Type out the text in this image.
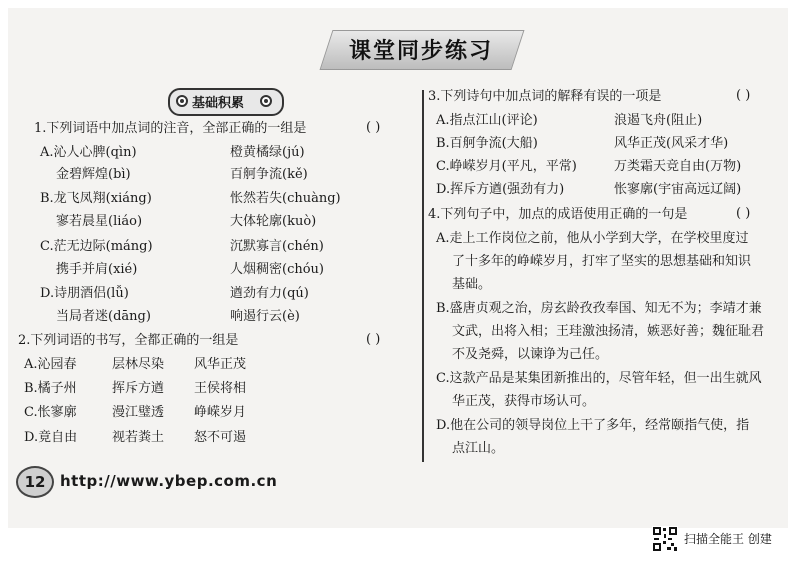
课堂同步练习
基础积累
1.下列词语中加点词的注音，全部正确的一组是	( )
A.沁人心脾(qìn)	橙黄橘绿(jú)
金碧辉煌(bì)	百舸争流(kě)
B.龙飞凤翔(xiáng)	怅然若失(chuàng)
寥若晨星(liáo)	大体轮廓(kuò)
C.茫无边际(máng)	沉默寡言(chén)
携手并肩(xié)	人烟稠密(chóu)
D.诗朋酒侣(lǚ)	遒劲有力(qú)
当局者迷(dāng)	响遏行云(è)
2.下列词语的书写，全都正确的一组是	( )
A.沁园春	层林尽染 风华正茂
B.橘子州	挥斥方遒 王侯将相
C.怅寥廓	漫江璧透 峥嵘岁月
D.竟自由	视若粪土 怒不可遏
3.下列诗句中加点词的解释有误的一项是	( )
A.指点江山(评论)	浪遏飞舟(阻止)
B.百舸争流(大船)	风华正茂(风采才华)
C.峥嵘岁月(平凡，平常)	万类霜天竞自由(万物)
D.挥斥方遒(强劲有力)	怅寥廓(宇宙高远辽阔)
4.下列句子中，加点的成语使用正确的一句是	( )
A.走上工作岗位之前，他从小学到大学，在学校里度过
了十多年的峥嵘岁月，打牢了坚实的思想基础和知识
基础。
B.盛唐贞观之治，房玄龄孜孜奉国、知无不为；李靖才兼
文武，出将入相；王珪激浊扬清，嫉恶好善；魏征耻君
不及尧舜，以谏诤为己任。
C.这款产品是某集团新推出的，尽管年轻，但一出生就风
华正茂，获得市场认可。
D.他在公司的领导岗位上干了多年，经常颐指气使，指
点江山。
12 http://www.ybep.com.cn
扫描全能王 创建
